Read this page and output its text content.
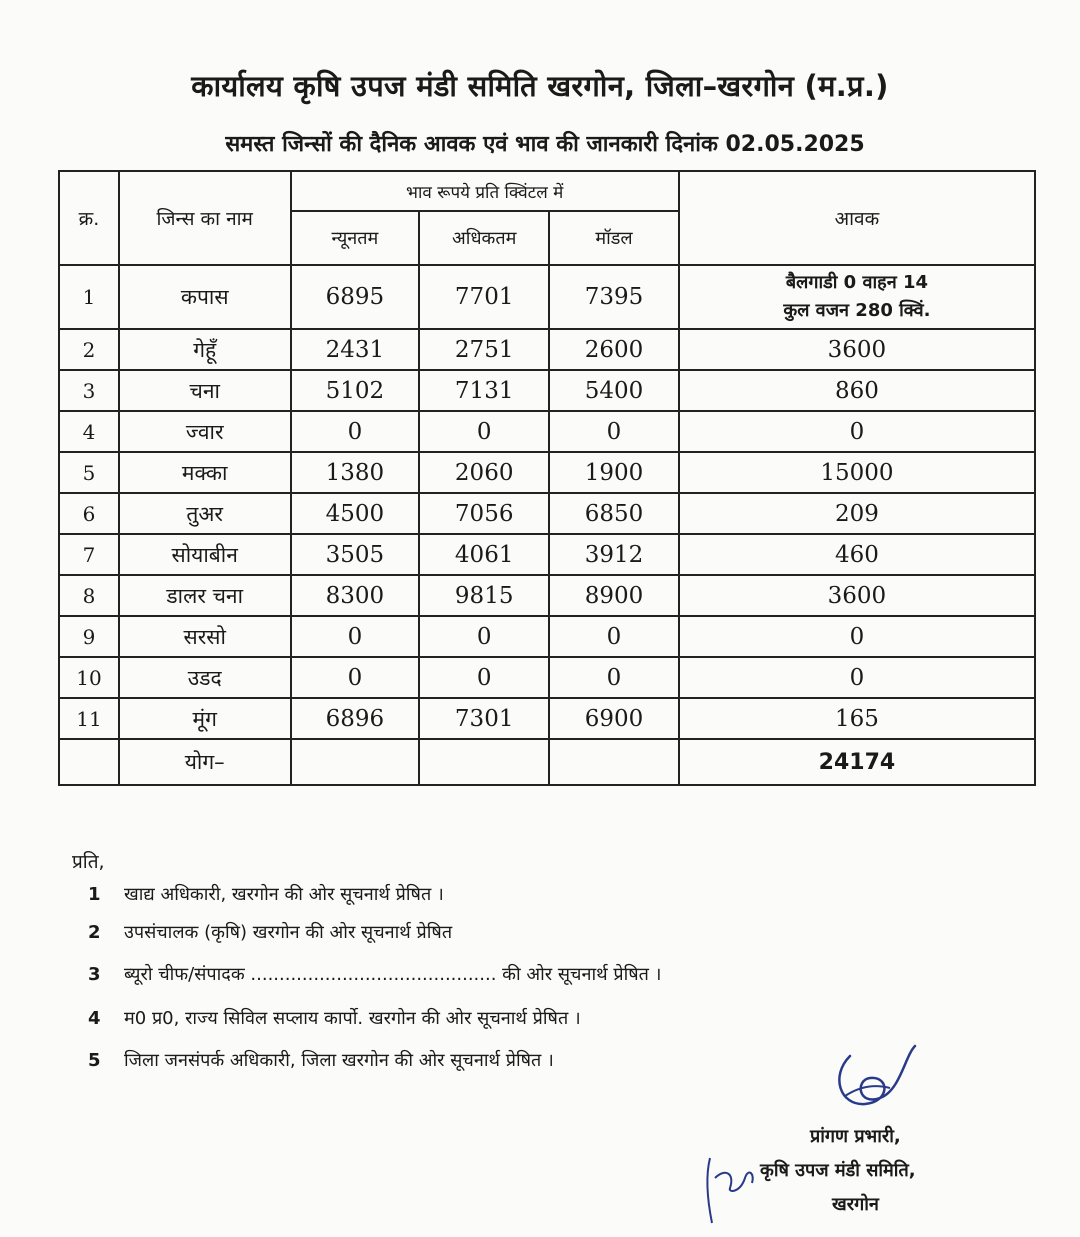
कार्यालय कृषि उपज मंडी समिति खरगोन, जिला–खरगोन (म.प्र.)
समस्त जिन्सों की दैनिक आवक एवं भाव की जानकारी दिनांक 02.05.2025
क्र.	जिन्स का नाम	भाव रूपये प्रति क्विंटल में			आवक
		न्यूनतम	अधिकतम	मॉडल	
1	कपास	6895	7701	7395	बैलगाडी 0 वाहन 14
कुल वजन 280 क्विं.

2	गेहूँ	2431	2751	2600	3600
3	चना	5102	7131	5400	860
4	ज्वार	0	0	0	0
5	मक्का	1380	2060	1900	15000
6	तुअर	4500	7056	6850	209
7	सोयाबीन	3505	4061	3912	460
8	डालर चना	8300	9815	8900	3600
9	सरसो	0	0	0	0
10	उडद	0	0	0	0
11	मूंग	6896	7301	6900	165
	योग–				24174
प्रति,
1 खाद्य अधिकारी, खरगोन की ओर सूचनार्थ प्रेषित ।
2 उपसंचालक (कृषि) खरगोन की ओर सूचनार्थ प्रेषित
3 ब्यूरो चीफ/संपादक ........................................... की ओर सूचनार्थ प्रेषित ।
4 म0 प्र0, राज्य सिविल सप्लाय कार्पो. खरगोन की ओर सूचनार्थ प्रेषित ।
5 जिला जनसंपर्क अधिकारी, जिला खरगोन की ओर सूचनार्थ प्रेषित ।
प्रांगण प्रभारी,
कृषि उपज मंडी समिति,
खरगोन
